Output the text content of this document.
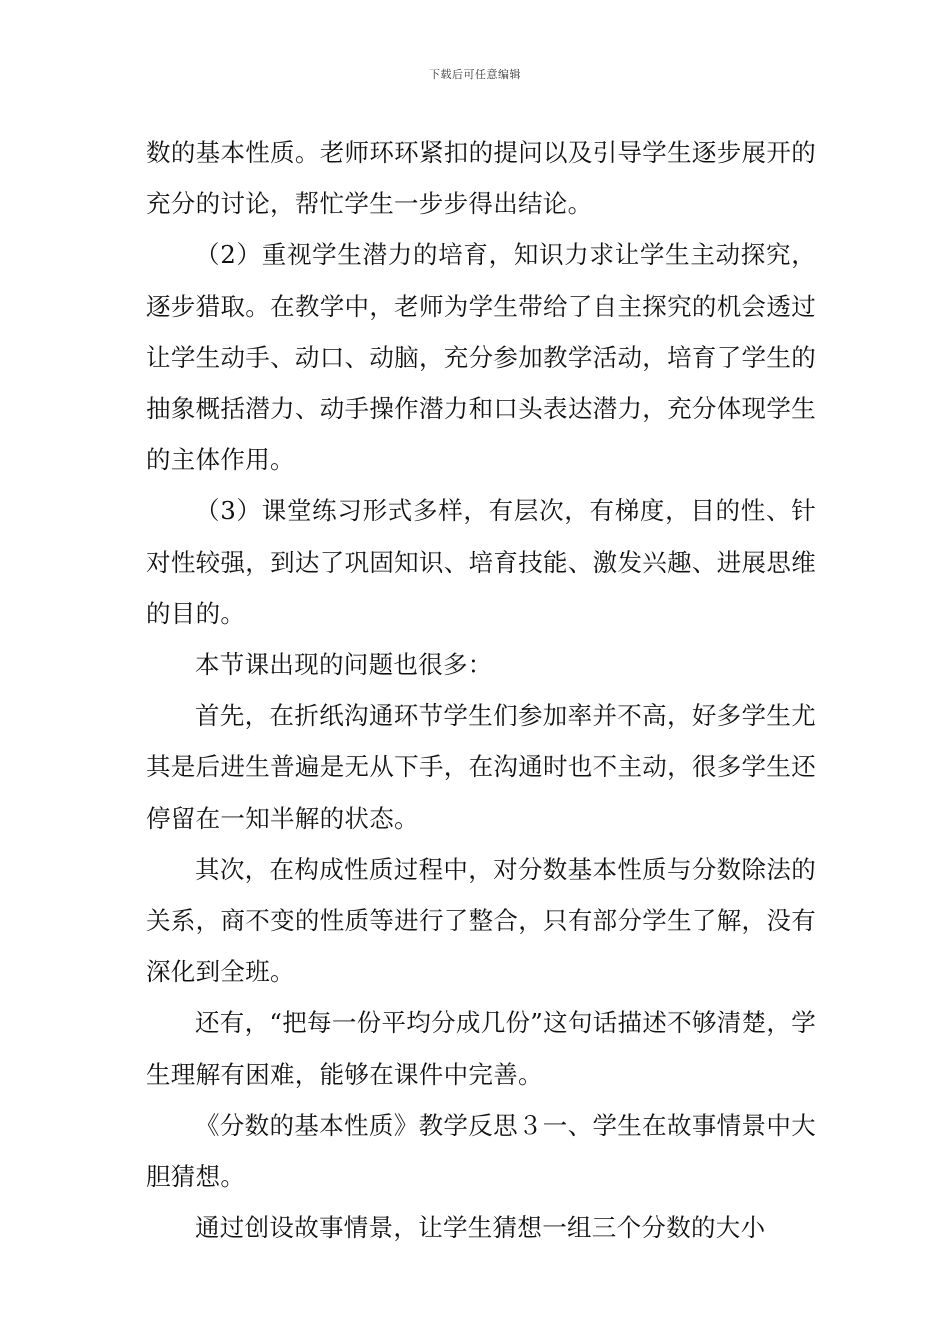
下载后可任意编辑

数的基本性质。老师环环紧扣的提问以及引导学生逐步展开的充分的讨论，帮忙学生一步步得出结论。

（2）重视学生潜力的培育，知识力求让学生主动探究，逐步猎取。在教学中，老师为学生带给了自主探究的机会透过让学生动手、动口、动脑，充分参加教学活动，培育了学生的抽象概括潜力、动手操作潜力和口头表达潜力，充分体现学生的主体作用。

（3）课堂练习形式多样，有层次，有梯度，目的性、针对性较强，到达了巩固知识、培育技能、激发兴趣、进展思维的目的。

本节课出现的问题也很多：

首先，在折纸沟通环节学生们参加率并不高，好多学生尤其是后进生普遍是无从下手，在沟通时也不主动，很多学生还停留在一知半解的状态。

其次，在构成性质过程中，对分数基本性质与分数除法的关系，商不变的性质等进行了整合，只有部分学生了解，没有深化到全班。

还有，“把每一份平均分成几份”这句话描述不够清楚，学生理解有困难，能够在课件中完善。

《分数的基本性质》教学反思３一、学生在故事情景中大胆猜想。

通过创设故事情景，让学生猜想一组三个分数的大小
